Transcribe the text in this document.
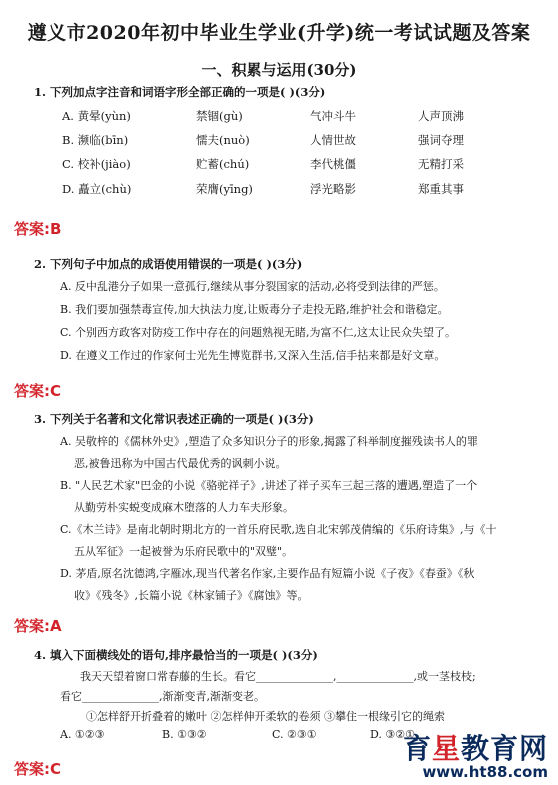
遵义市2020年初中毕业生学业(升学)统一考试试题及答案
一、积累与运用(30分)
1. 下列加点字注音和词语字形全部正确的一项是( )(3分)
A. 黄晕(yùn)	禁锢(gù)	气冲斗牛	人声顶沸
B. 濒临(bīn)	懦夫(nuò)	人情世故	强词夺理
C. 校补(jiào)	贮蓄(chú)	李代桃僵	无精打采
D. 矗立(chù)	荣膺(yīng)	浮光略影	郑重其事
答案:B
2. 下列句子中加点的成语使用错误的一项是( )(3分)
A. 反中乱港分子如果一意孤行,继续从事分裂国家的活动,必将受到法律的严惩。
B. 我们要加强禁毒宣传,加大执法力度,让贩毒分子走投无路,维护社会和谐稳定。
C. 个别西方政客对防疫工作中存在的问题熟视无睹,为富不仁,这太让民众失望了。
D. 在遵义工作过的作家何士光先生博览群书,又深入生活,信手拈来都是好文章。
答案:C
3. 下列关于名著和文化常识表述正确的一项是( )(3分)
A. 吴敬梓的《儒林外史》,塑造了众多知识分子的形象,揭露了科举制度摧残读书人的罪
恶,被鲁迅称为中国古代最优秀的讽刺小说。
B. "人民艺术家"巴金的小说《骆驼祥子》,讲述了祥子买车三起三落的遭遇,塑造了一个
从勤劳朴实蜕变成麻木堕落的人力车夫形象。
C.《木兰诗》是南北朝时期北方的一首乐府民歌,选自北宋郭茂倩编的《乐府诗集》,与《十
五从军征》一起被誉为乐府民歌中的"双璧"。
D. 茅盾,原名沈德鸿,字雁冰,现当代著名作家,主要作品有短篇小说《子夜》《春蚕》《秋
收》《残冬》,长篇小说《林家铺子》《腐蚀》等。
答案:A
4. 填入下面横线处的语句,排序最恰当的一项是( )(3分)
我天天望着窗口常春藤的生长。看它______________,______________,或一茎枝枝;
看它______________,渐渐变青,渐渐变老。
①怎样舒开折叠着的嫩叶 ②怎样伸开柔软的卷须 ③攀住一根缘引它的绳索
A. ①②③	B. ①③②	C. ②③①	D. ③②①
答案:C
育星教育网
www.ht88.com
